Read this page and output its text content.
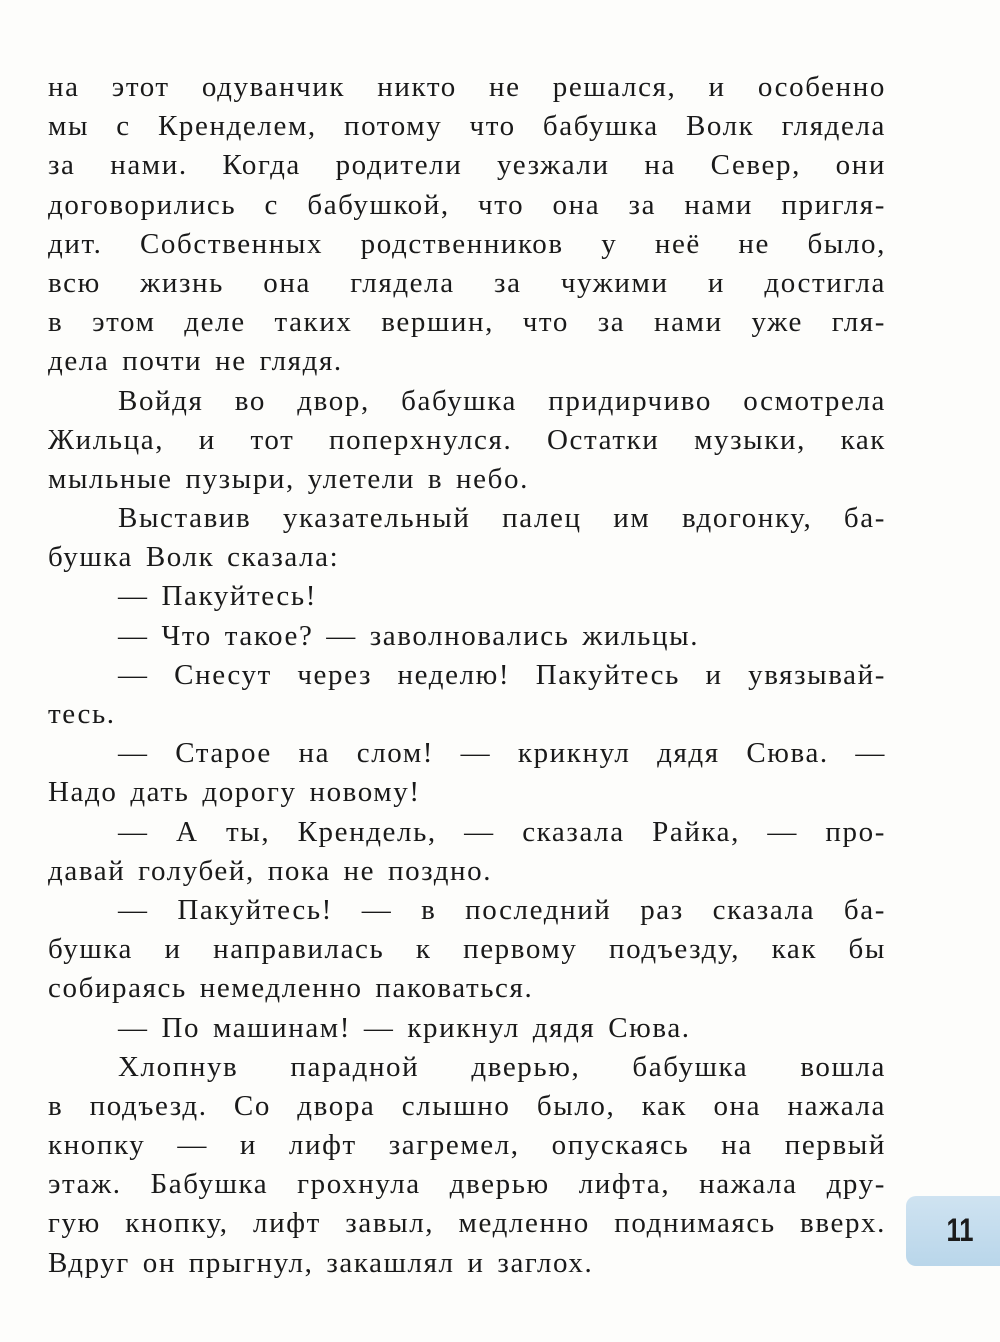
на этот одуванчик никто не решался, и особенно
мы с Кренделем, потому что бабушка Волк глядела
за нами. Когда родители уезжали на Север, они
договорились с бабушкой, что она за нами пригля-
дит. Собственных родственников у неё не было,
всю жизнь она глядела за чужими и достигла
в этом деле таких вершин, что за нами уже гля-
дела почти не глядя.
Войдя во двор, бабушка придирчиво осмотрела
Жильца, и тот поперхнулся. Остатки музыки, как
мыльные пузыри, улетели в небо.
Выставив указательный палец им вдогонку, ба-
бушка Волк сказала:
— Пакуйтесь!
— Что такое? — заволновались жильцы.
— Снесут через неделю! Пакуйтесь и увязывай-
тесь.
— Старое на слом! — крикнул дядя Сюва. —
Надо дать дорогу новому!
— А ты, Крендель, — сказала Райка, — про-
давай голубей, пока не поздно.
— Пакуйтесь! — в последний раз сказала ба-
бушка и направилась к первому подъезду, как бы
собираясь немедленно паковаться.
— По машинам! — крикнул дядя Сюва.
Хлопнув парадной дверью, бабушка вошла
в подъезд. Со двора слышно было, как она нажала
кнопку — и лифт загремел, опускаясь на первый
этаж. Бабушка грохнула дверью лифта, нажала дру-
гую кнопку, лифт завыл, медленно поднимаясь вверх.
Вдруг он прыгнул, закашлял и заглох.
11
